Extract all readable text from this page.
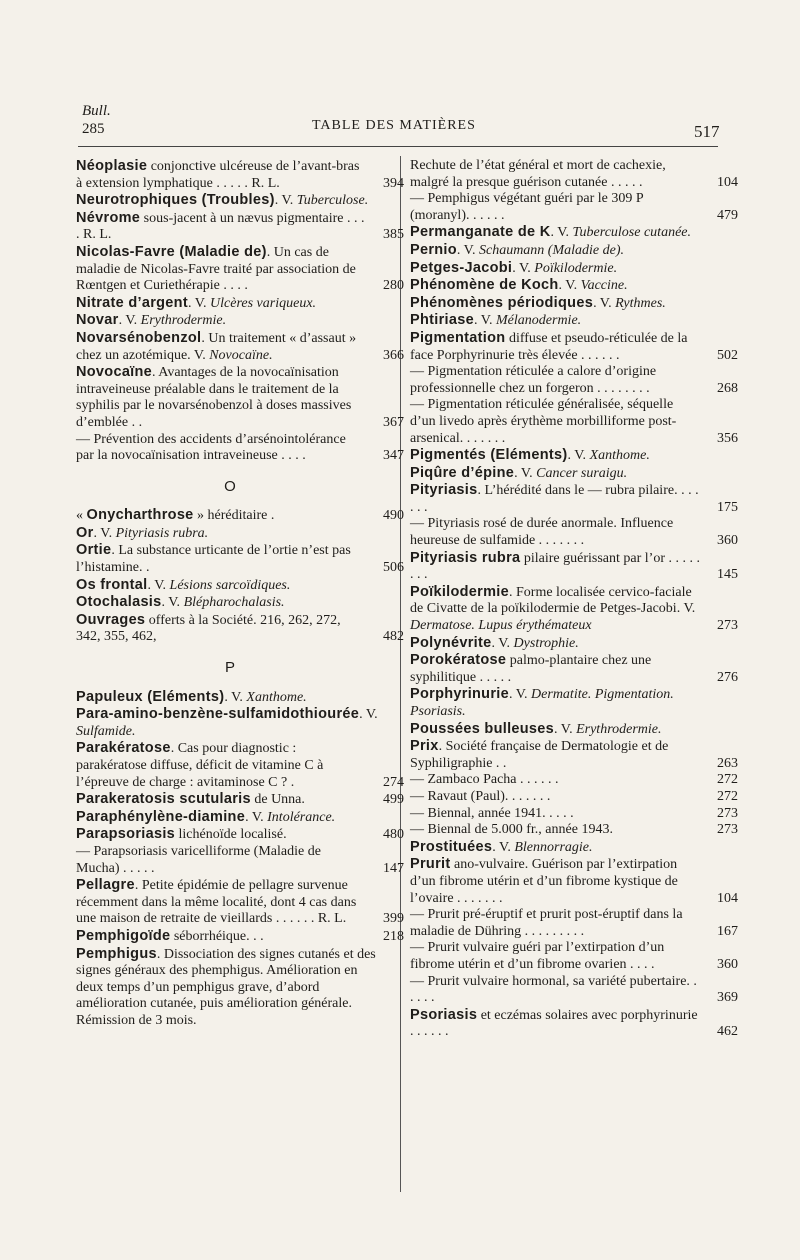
Bull.
285	TABLE DES MATIÈRES	517
Néoplasie conjonctive ulcéreuse de l’avant-bras à extension lymphatique . . . . . R. L.	394
Neurotrophiques (Troubles). V. Tuberculose.
Névrome sous-jacent à un nævus pigmentaire . . . . R. L.	385
Nicolas-Favre (Maladie de). Un cas de maladie de Nicolas-Favre traité par association de Rœntgen et Curiethérapie . . . .	280
Nitrate d’argent. V. Ulcères variqueux.
Novar. V. Erythrodermie.
Novarsénobenzol. Un traitement « d’assaut » chez un azotémique. V. Novocaïne.	366
Novocaïne. Avantages de la novocaïnisation intraveineuse préalable dans le traitement de la syphilis par le novarsénobenzol à doses massives d’emblée . .	367
— Prévention des accidents d’arsénointolérance par la novocaïnisation intraveineuse . . . .	347
O
« Onycharthrose » héréditaire .	490
Or. V. Pityriasis rubra.
Ortie. La substance urticante de l’ortie n’est pas l’histamine. .	506
Os frontal. V. Lésions sarcoïdiques.
Otochalasis. V. Blépharochalasis.
Ouvrages offerts à la Société. 216, 262, 272, 342, 355, 462,	482
P
Papuleux (Eléments). V. Xanthome.
Para-amino-benzène-sulfamidothiourée. V. Sulfamide.
Parakératose. Cas pour diagnostic : parakératose diffuse, déficit de vitamine C à l’épreuve de charge : avitaminose C ? .	274
Parakeratosis scutularis de Unna.	499
Paraphénylène-diamine. V. Intolérance.
Parapsoriasis lichénoïde localisé.	480
— Parapsoriasis varicelliforme (Maladie de Mucha) . . . . .	147
Pellagre. Petite épidémie de pellagre survenue récemment dans la même localité, dont 4 cas dans une maison de retraite de vieillards . . . . . . R. L.	399
Pemphigoïde séborrhéique. . .	218
Pemphigus. Dissociation des signes cutanés et des signes généraux des phemphigus. Amélioration en deux temps d’un pemphigus grave, d’abord amélioration cutanée, puis amélioration générale. Rémission de 3 mois.
Rechute de l’état général et mort de cachexie, malgré la presque guérison cutanée . . . . .	104
— Pemphigus végétant guéri par le 309 P (moranyl). . . . . .	479
Permanganate de K. V. Tuberculose cutanée.
Pernio. V. Schaumann (Maladie de).
Petges-Jacobi. V. Poïkilodermie.
Phénomène de Koch. V. Vaccine.
Phénomènes périodiques. V. Rythmes.
Phtiriase. V. Mélanodermie.
Pigmentation diffuse et pseudo-réticulée de la face Porphyrinurie très élevée . . . . . .	502
— Pigmentation réticulée a calore d’origine professionnelle chez un forgeron . . . . . . . .	268
— Pigmentation réticulée généralisée, séquelle d’un livedo après érythème morbilliforme post-arsenical. . . . . . .	356
Pigmentés (Eléments). V. Xanthome.
Piqûre d’épine. V. Cancer suraigu.
Pityriasis. L’hérédité dans le — rubra pilaire. . . . . . .	175
— Pityriasis rosé de durée anormale. Influence heureuse de sulfamide . . . . . . .	360
Pityriasis rubra pilaire guérissant par l’or . . . . . . . .	145
Poïkilodermie. Forme localisée cervico-faciale de Civatte de la poïkilodermie de Petges-Jacobi. V. Dermatose. Lupus érythémateux	273
Polynévrite. V. Dystrophie.
Porokératose palmo-plantaire chez une syphilitique . . . . .	276
Porphyrinurie. V. Dermatite. Pigmentation. Psoriasis.
Poussées bulleuses. V. Erythrodermie.
Prix. Société française de Dermatologie et de Syphiligraphie . .	263
— Zambaco Pacha . . . . . .	272
— Ravaut (Paul). . . . . . .	272
— Biennal, année 1941. . . . .	273
— Biennal de 5.000 fr., année 1943.	273
Prostituées. V. Blennorragie.
Prurit ano-vulvaire. Guérison par l’extirpation d’un fibrome utérin et d’un fibrome kystique de l’ovaire . . . . . . .	104
— Prurit pré-éruptif et prurit post-éruptif dans la maladie de Dühring . . . . . . . . .	167
— Prurit vulvaire guéri par l’extirpation d’un fibrome utérin et d’un fibrome ovarien . . . .	360
— Prurit vulvaire hormonal, sa variété pubertaire. . . . . .	369
Psoriasis et eczémas solaires avec porphyrinurie . . . . . .	462
